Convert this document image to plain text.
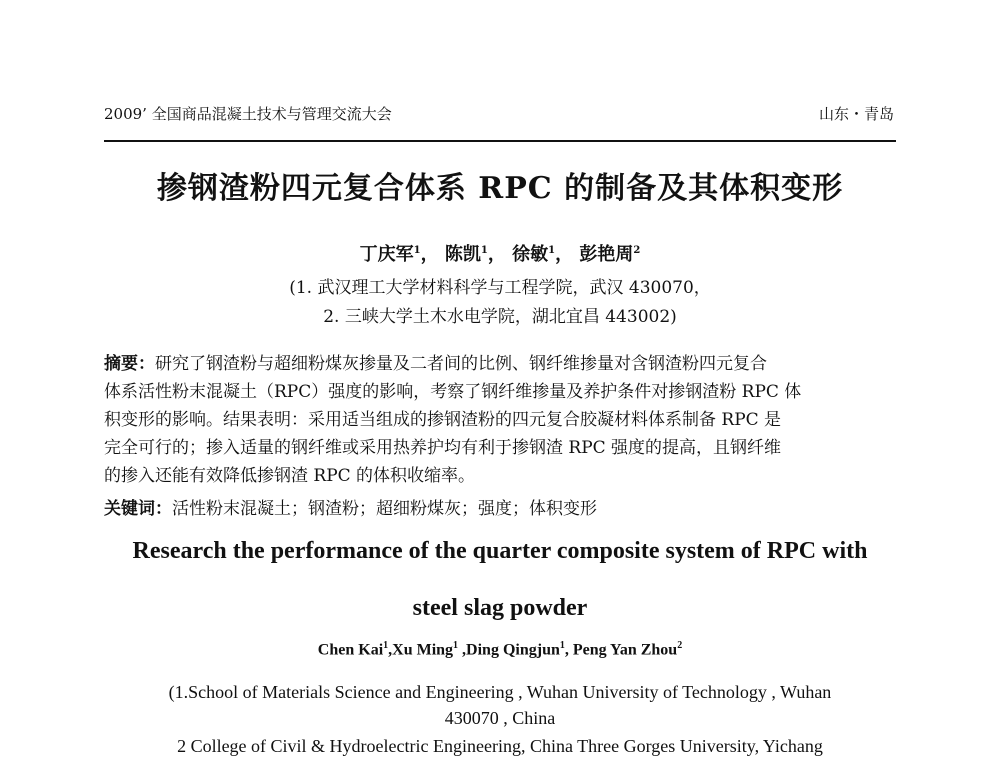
2009’ 全国商品混凝土技术与管理交流大会	山东・青岛
掺钢渣粉四元复合体系 RPC 的制备及其体积变形
丁庆军$^1$， 陈凯$^1$， 徐敏$^1$， 彭艳周$^2$
(1. 武汉理工大学材料科学与工程学院，武汉 430070，
2. 三峡大学土木水电学院，湖北宜昌 443002)
摘要：研究了钢渣粉与超细粉煤灰掺量及二者间的比例、钢纤维掺量对含钢渣粉四元复合
体系活性粉末混凝土（RPC）强度的影响，考察了钢纤维掺量及养护条件对掺钢渣粉 RPC 体
积变形的影响。结果表明：采用适当组成的掺钢渣粉的四元复合胶凝材料体系制备 RPC 是
完全可行的；掺入适量的钢纤维或采用热养护均有利于掺钢渣 RPC 强度的提高，且钢纤维
的掺入还能有效降低掺钢渣 RPC 的体积收缩率。
关键词：活性粉末混凝土；钢渣粉；超细粉煤灰；强度；体积变形
Research the performance of the quarter composite system of RPC with
steel slag powder
Chen Kai$^1$,Xu Ming$^1$ ,Ding Qingjun$^1$, Peng Yan Zhou$^2$
(1.School of Materials Science and Engineering , Wuhan University of Technology , Wuhan
430070 , China
2 College of Civil & Hydroelectric Engineering, China Three Gorges University, Yichang
